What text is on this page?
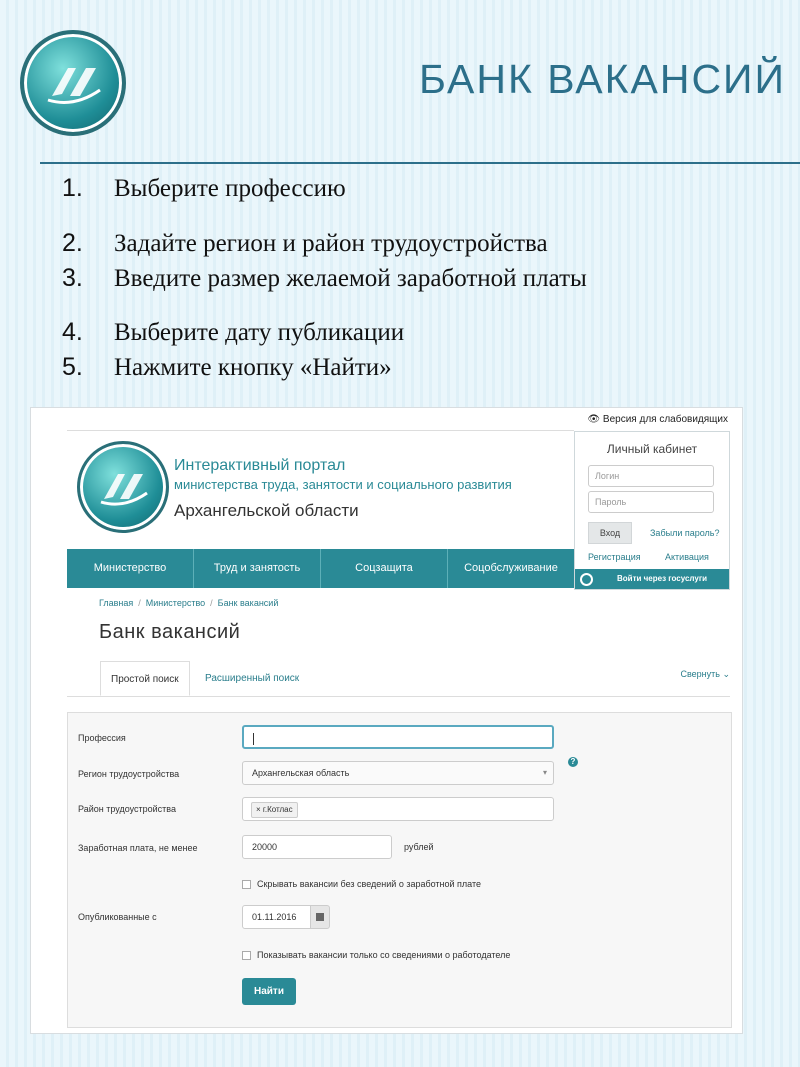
БАНК ВАКАНСИЙ
1. Выберите профессию
2. Задайте регион и район трудоустройства
3. Введите размер желаемой заработной платы
4. Выберите дату публикации
5. Нажмите кнопку «Найти»
👁 Версия для слабовидящих
Интерактивный портал
министерства труда, занятости и социального развития
Архангельской области
Министерство	Труд и занятость	Соцзащита	Соцобслуживание
Личный кабинет
Логин
Пароль
Вход	Забыли пароль?
Регистрация	Активация
Войти через госуслуги
Главная / Министерство / Банк вакансий
Банк вакансий
Простой поиск	Расширенный поиск	Свернуть ⌄
Профессия
Регион трудоустройства	Архангельская область	▾
?
Район трудоустройства	× г.Котлас
Заработная плата, не менее	20000	рублей
Скрывать вакансии без сведений о заработной плате
Опубликованные с	01.11.2016
Показывать вакансии только со сведениями о работодателе
Найти
